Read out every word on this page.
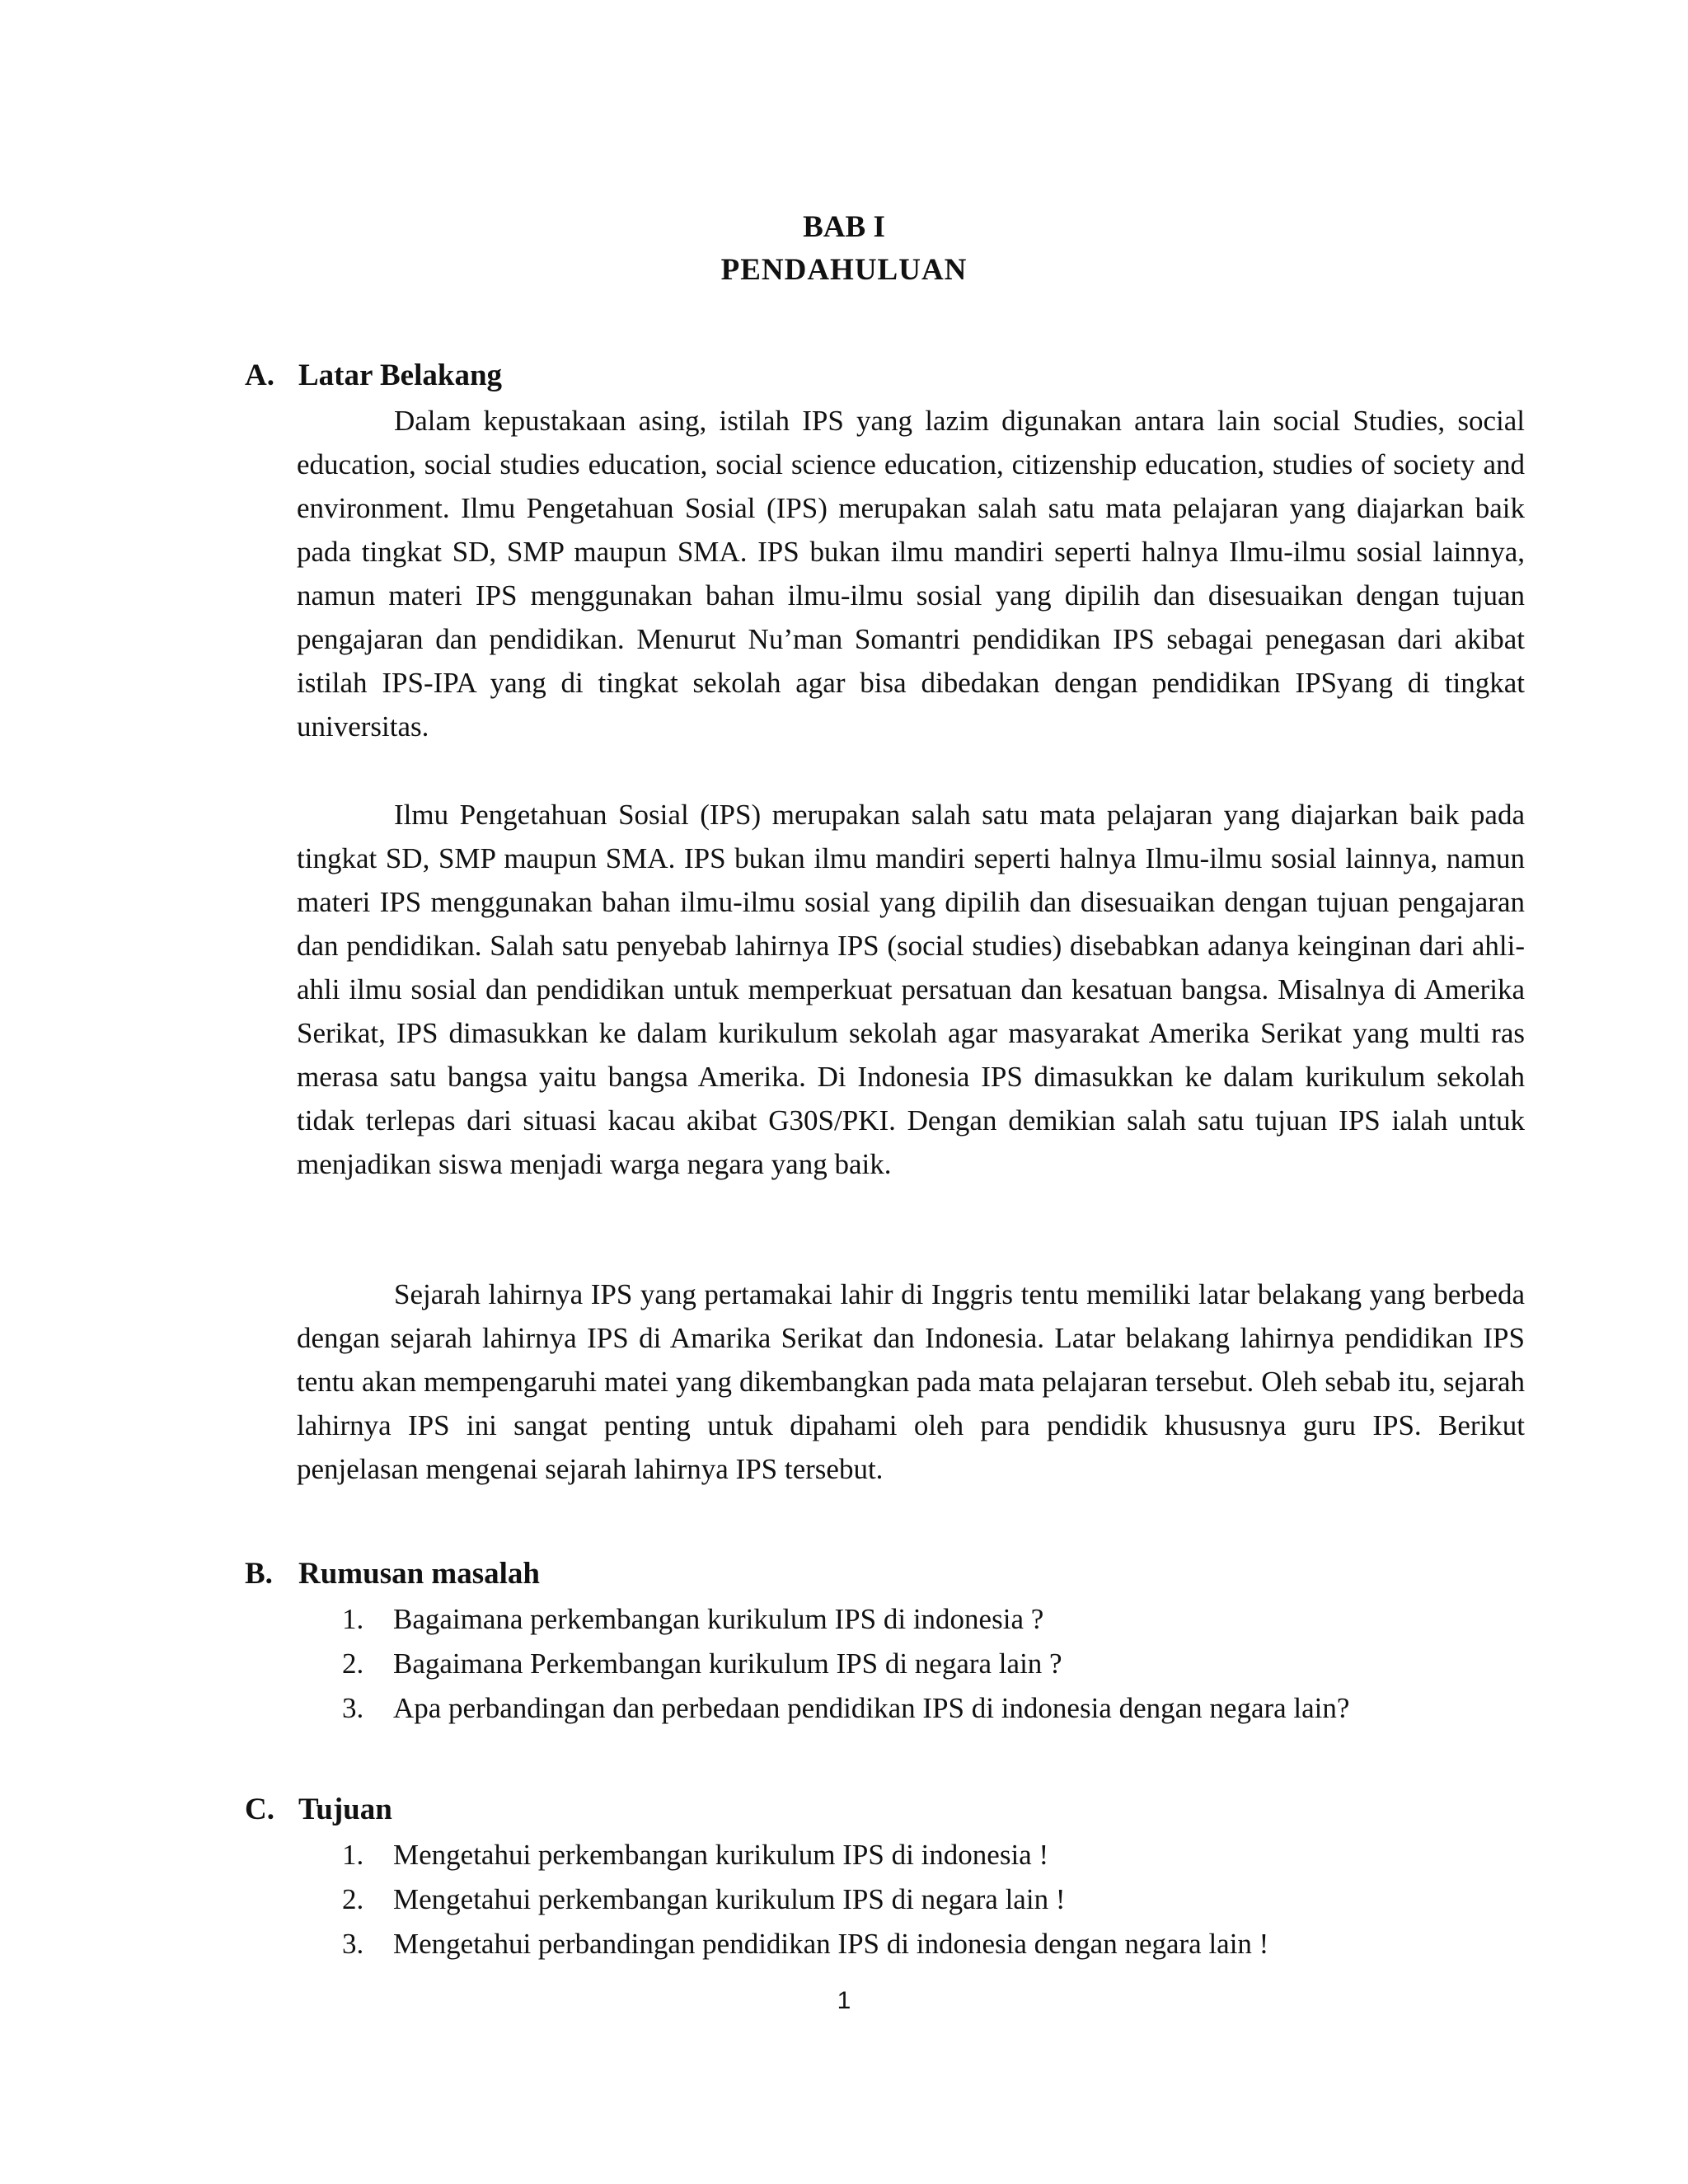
BAB I
PENDAHULUAN
A. Latar Belakang

Dalam kepustakaan asing, istilah IPS yang lazim digunakan antara lain social Studies, social education, social studies education, social science education, citizenship education, studies of society and environment. Ilmu Pengetahuan Sosial (IPS) merupakan salah satu mata pelajaran yang diajarkan baik pada tingkat SD, SMP maupun SMA. IPS bukan ilmu mandiri seperti halnya Ilmu-ilmu sosial lainnya, namun materi IPS menggunakan bahan ilmu-ilmu sosial yang dipilih dan disesuaikan dengan tujuan pengajaran dan pendidikan. Menurut Nu’man Somantri pendidikan IPS sebagai penegasan dari akibat istilah IPS-IPA yang di tingkat sekolah agar bisa dibedakan dengan pendidikan IPSyang di tingkat universitas.

Ilmu Pengetahuan Sosial (IPS) merupakan salah satu mata pelajaran yang diajarkan baik pada tingkat SD, SMP maupun SMA. IPS bukan ilmu mandiri seperti halnya Ilmu-ilmu sosial lainnya, namun materi IPS menggunakan bahan ilmu-ilmu sosial yang dipilih dan disesuaikan dengan tujuan pengajaran dan pendidikan. Salah satu penyebab lahirnya IPS (social studies) disebabkan adanya keinginan dari ahli-ahli ilmu sosial dan pendidikan untuk memperkuat persatuan dan kesatuan bangsa. Misalnya di Amerika Serikat, IPS dimasukkan ke dalam kurikulum sekolah agar masyarakat Amerika Serikat yang multi ras merasa satu bangsa yaitu bangsa Amerika. Di Indonesia IPS dimasukkan ke dalam kurikulum sekolah tidak terlepas dari situasi kacau akibat G30S/PKI. Dengan demikian salah satu tujuan IPS ialah untuk menjadikan siswa menjadi warga negara yang baik.

Sejarah lahirnya IPS yang pertamakai lahir di Inggris tentu memiliki latar belakang yang berbeda dengan sejarah lahirnya IPS di Amarika Serikat dan Indonesia. Latar belakang lahirnya pendidikan IPS tentu akan mempengaruhi matei yang dikembangkan pada mata pelajaran tersebut. Oleh sebab itu, sejarah lahirnya IPS ini sangat penting untuk dipahami oleh para pendidik khususnya guru IPS. Berikut penjelasan mengenai sejarah lahirnya IPS tersebut.

B. Rumusan masalah
1. Bagaimana perkembangan kurikulum IPS di indonesia ?
2. Bagaimana Perkembangan kurikulum IPS di negara lain ?
3. Apa perbandingan dan perbedaan pendidikan IPS di indonesia dengan negara lain?
C. Tujuan
1. Mengetahui perkembangan kurikulum IPS di indonesia !
2. Mengetahui perkembangan kurikulum IPS di negara lain !
3. Mengetahui perbandingan pendidikan IPS di indonesia dengan negara lain !
1
